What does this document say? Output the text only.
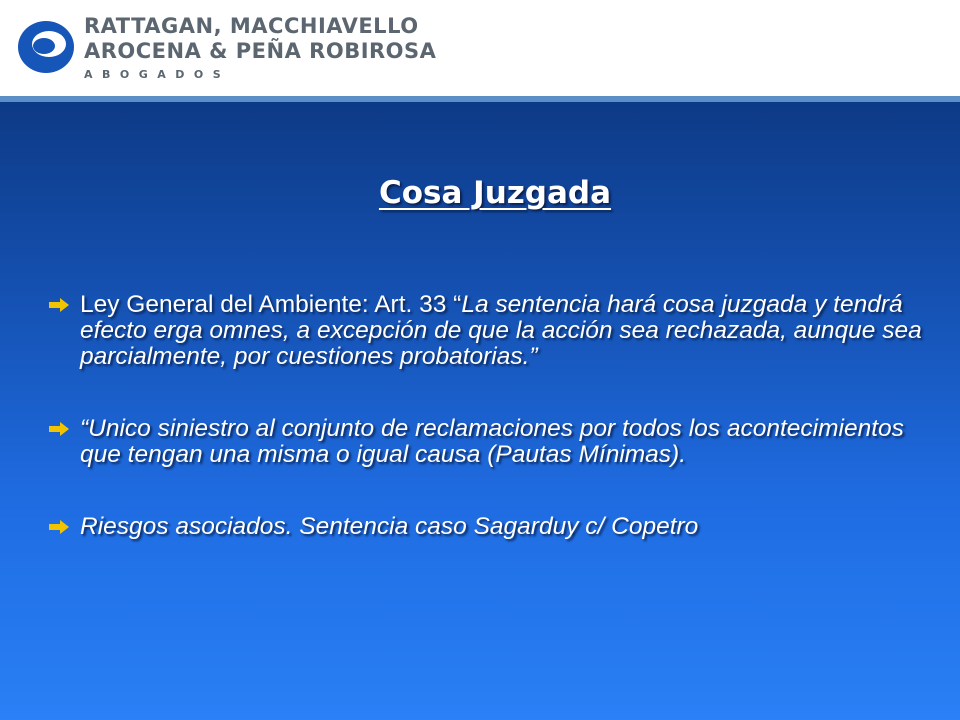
RATTAGAN, MACCHIAVELLO
AROCENA & PEÑA ROBIROSA
ABOGADOS
Cosa Juzgada
Ley General del Ambiente: Art. 33 “La sentencia hará cosa juzgada y tendrá efecto erga omnes, a excepción de que la acción sea rechazada, aunque sea parcialmente, por cuestiones probatorias.”
“Unico siniestro al conjunto de reclamaciones por todos los acontecimientos que tengan una misma o igual causa (Pautas Mínimas).
Riesgos asociados. Sentencia caso Sagarduy c/ Copetro
